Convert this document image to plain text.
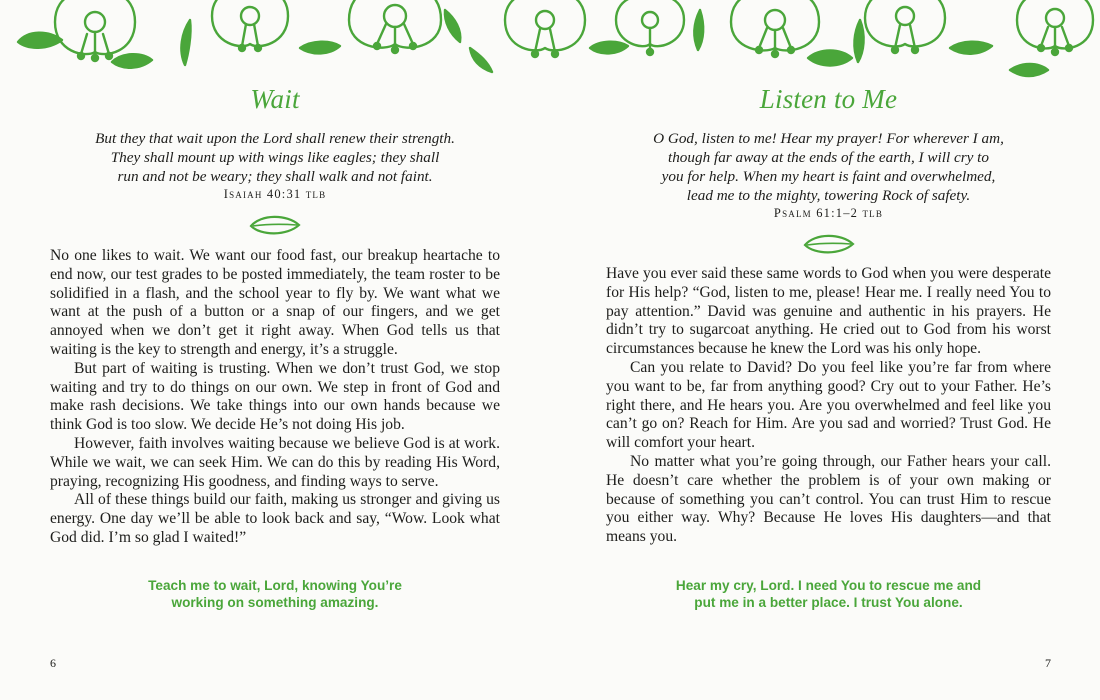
Wait
But they that wait upon the Lord shall renew their strength.
They shall mount up with wings like eagles; they shall
run and not be weary; they shall walk and not faint.
Isaiah 40:31 tlb

No one likes to wait. We want our food fast, our breakup heartache to end now, our test grades to be posted immediately, the team roster to be solidified in a flash, and the school year to fly by. We want what we want at the push of a button or a snap of our fingers, and we get annoyed when we don’t get it right away. When God tells us that waiting is the key to strength and energy, it’s a struggle.

But part of waiting is trusting. When we don’t trust God, we stop waiting and try to do things on our own. We step in front of God and make rash decisions. We take things into our own hands because we think God is too slow. We decide He’s not doing His job.

However, faith involves waiting because we believe God is at work. While we wait, we can seek Him. We can do this by reading His Word, praying, recognizing His goodness, and finding ways to serve.

All of these things build our faith, making us stronger and giving us energy. One day we’ll be able to look back and say, “Wow. Look what God did. I’m so glad I waited!”

Teach me to wait, Lord, knowing You’re
working on something amazing.
6
Listen to Me
O God, listen to me! Hear my prayer! For wherever I am,
though far away at the ends of the earth, I will cry to
you for help. When my heart is faint and overwhelmed,
lead me to the mighty, towering Rock of safety.
Psalm 61:1–2 tlb

Have you ever said these same words to God when you were desperate for His help? “God, listen to me, please! Hear me. I really need You to pay attention.” David was genuine and authentic in his prayers. He didn’t try to sugarcoat anything. He cried out to God from his worst circumstances because he knew the Lord was his only hope.

Can you relate to David? Do you feel like you’re far from where you want to be, far from anything good? Cry out to your Father. He’s right there, and He hears you. Are you overwhelmed and feel like you can’t go on? Reach for Him. Are you sad and worried? Trust God. He will comfort your heart.

No matter what you’re going through, our Father hears your call. He doesn’t care whether the problem is of your own making or because of something you can’t control. You can trust Him to rescue you either way. Why? Because He loves His daughters—and that means you.

Hear my cry, Lord. I need You to rescue me and
put me in a better place. I trust You alone.
7
